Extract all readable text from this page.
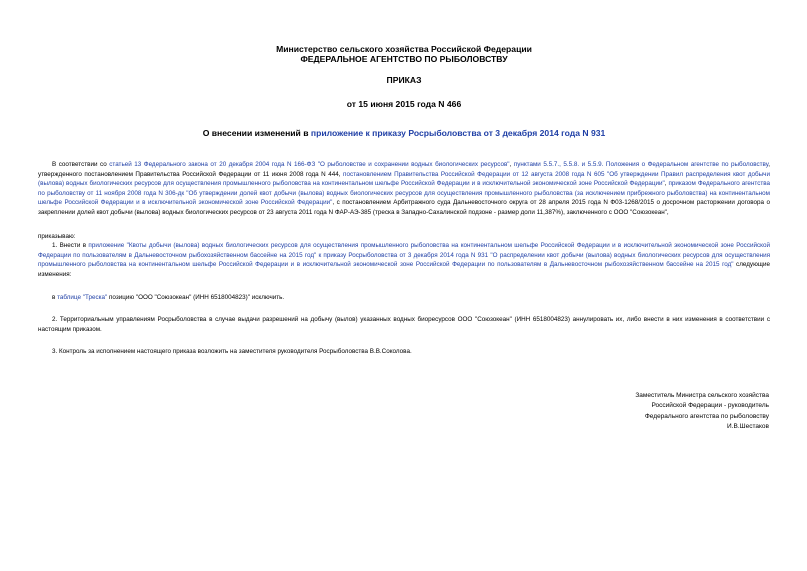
Министерство сельского хозяйства Российской Федерации
ФЕДЕРАЛЬНОЕ АГЕНТСТВО ПО РЫБОЛОВСТВУ
ПРИКАЗ
от 15 июня 2015 года N 466
О внесении изменений в приложение к приказу Росрыболовства от 3 декабря 2014 года N 931

В соответствии со статьей 13 Федерального закона от 20 декабря 2004 года N 166-ФЗ "О рыболовстве и сохранении водных биологических ресурсов", пунктами 5.5.7., 5.5.8. и 5.5.9. Положения о Федеральном агентстве по рыболовству, утвержденного постановлением Правительства Российской Федерации от 11 июня 2008 года N 444, постановлением Правительства Российской Федерации от 12 августа 2008 года N 605 "Об утверждении Правил распределения квот добычи (вылова) водных биологических ресурсов для осуществления промышленного рыболовства на континентальном шельфе Российской Федерации и в исключительной экономической зоне Российской Федерации", приказом Федерального агентства по рыболовству от 11 ноября 2008 года N 306-дк "Об утверждении долей квот добычи (вылова) водных биологических ресурсов для осуществления промышленного рыболовства (за исключением прибрежного рыболовства) на континентальном шельфе Российской Федерации и в исключительной экономической зоне Российской Федерации", с постановлением Арбитражного суда Дальневосточного округа от 28 апреля 2015 года N Ф03-1268/2015 о досрочном расторжении договора о закреплении долей квот добычи (вылова) водных биологических ресурсов от 23 августа 2011 года N ФАР-АЭ-385 (треска в Западно-Сахалинской подзоне - размер доли 11,387%), заключенного с ООО "Союзокеан",

приказываю:

1. Внести в приложение "Квоты добычи (вылова) водных биологических ресурсов для осуществления промышленного рыболовства на континентальном шельфе Российской Федерации и в исключительной экономической зоне Российской Федерации по пользователям в Дальневосточном рыбохозяйственном бассейне на 2015 год" к приказу Росрыболовства от 3 декабря 2014 года N 931 "О распределении квот добычи (вылова) водных биологических ресурсов для осуществления промышленного рыболовства на континентальном шельфе Российской Федерации и в исключительной экономической зоне Российской Федерации по пользователям в Дальневосточном рыбохозяйственном бассейне на 2015 год" следующие изменения:

в таблице "Треска" позицию "ООО "Союзокеан" (ИНН 6518004823)" исключить.

2. Территориальным управлениям Росрыболовства в случае выдачи разрешений на добычу (вылов) указанных водных биоресурсов ООО "Союзокеан" (ИНН 6518004823) аннулировать их, либо внести в них изменения в соответствии с настоящим приказом.

3. Контроль за исполнением настоящего приказа возложить на заместителя руководителя Росрыболовства В.В.Соколова.

Заместитель Министра сельского хозяйства
Российской Федерации - руководитель
Федерального агентства по рыболовству
И.В.Шестаков
